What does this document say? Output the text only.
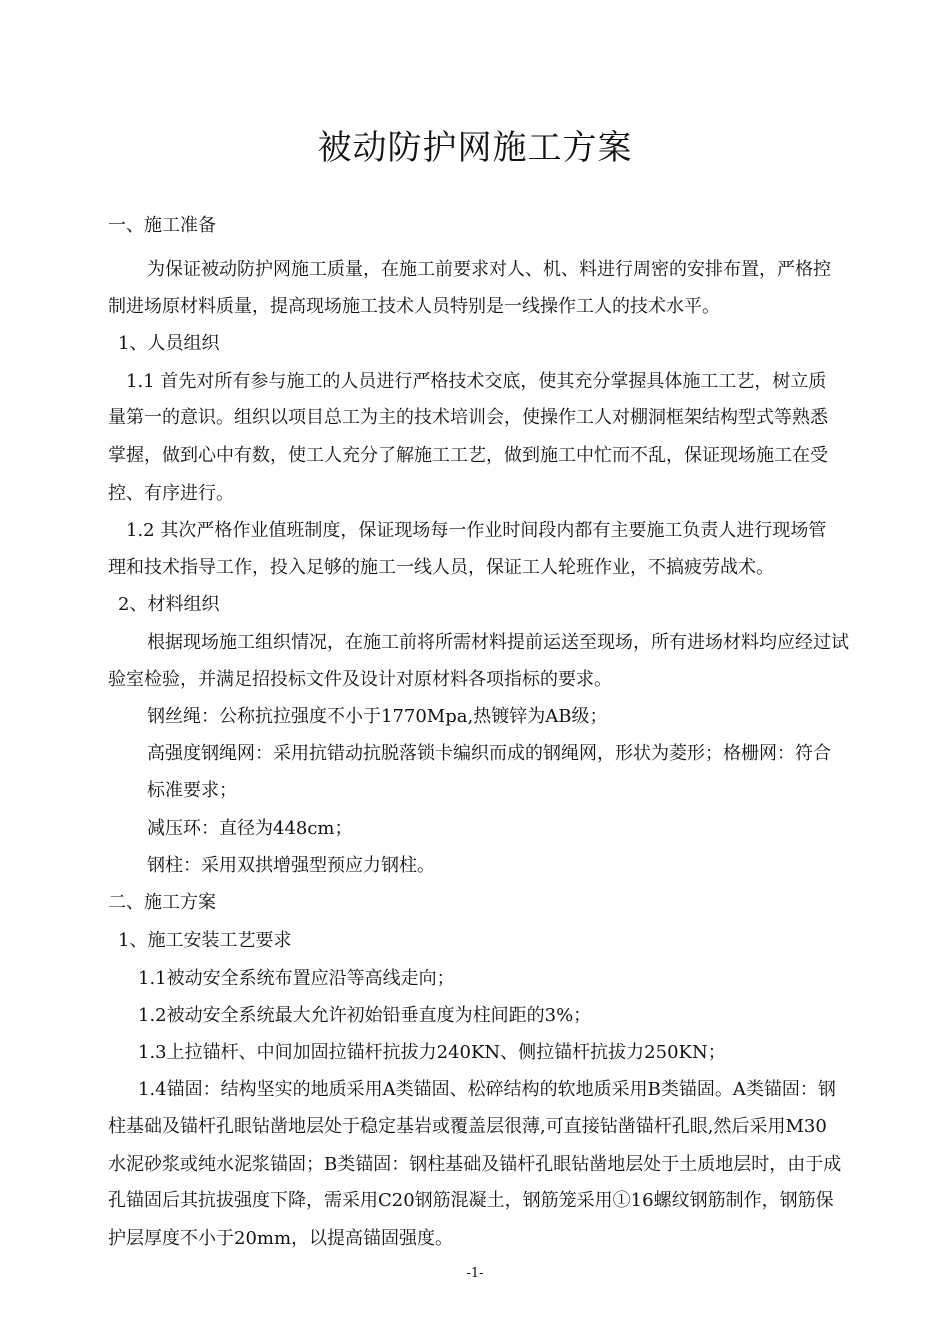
被动防护网施工方案
一、施工准备
为保证被动防护网施工质量，在施工前要求对人、机、料进行周密的安排布置，严格控
制进场原材料质量，提高现场施工技术人员特别是一线操作工人的技术水平。
1、人员组织
1.1 首先对所有参与施工的人员进行严格技术交底，使其充分掌握具体施工工艺，树立质
量第一的意识。组织以项目总工为主的技术培训会，使操作工人对棚洞框架结构型式等熟悉
掌握，做到心中有数，使工人充分了解施工工艺，做到施工中忙而不乱，保证现场施工在受
控、有序进行。
1.2 其次严格作业值班制度，保证现场每一作业时间段内都有主要施工负责人进行现场管
理和技术指导工作，投入足够的施工一线人员，保证工人轮班作业，不搞疲劳战术。
2、材料组织
根据现场施工组织情况，在施工前将所需材料提前运送至现场，所有进场材料均应经过试
验室检验，并满足招投标文件及设计对原材料各项指标的要求。
钢丝绳：公称抗拉强度不小于1770Mpa,热镀锌为AB级；
高强度钢绳网：采用抗错动抗脱落锁卡编织而成的钢绳网，形状为菱形；格栅网：符合
标准要求；
减压环：直径为448cm；
钢柱：采用双拱增强型预应力钢柱。
二、施工方案
1、施工安装工艺要求
1.1被动安全系统布置应沿等高线走向；
1.2被动安全系统最大允许初始铅垂直度为柱间距的3%；
1.3上拉锚杆、中间加固拉锚杆抗拔力240KN、侧拉锚杆抗拔力250KN；
1.4锚固：结构坚实的地质采用A类锚固、松碎结构的软地质采用B类锚固。A类锚固：钢
柱基础及锚杆孔眼钻凿地层处于稳定基岩或覆盖层很薄,可直接钻凿锚杆孔眼,然后采用M30
水泥砂浆或纯水泥浆锚固；B类锚固：钢柱基础及锚杆孔眼钻凿地层处于土质地层时，由于成
孔锚固后其抗拔强度下降，需采用C20钢筋混凝土，钢筋笼采用①16螺纹钢筋制作，钢筋保
护层厚度不小于20mm，以提高锚固强度。
-1-
